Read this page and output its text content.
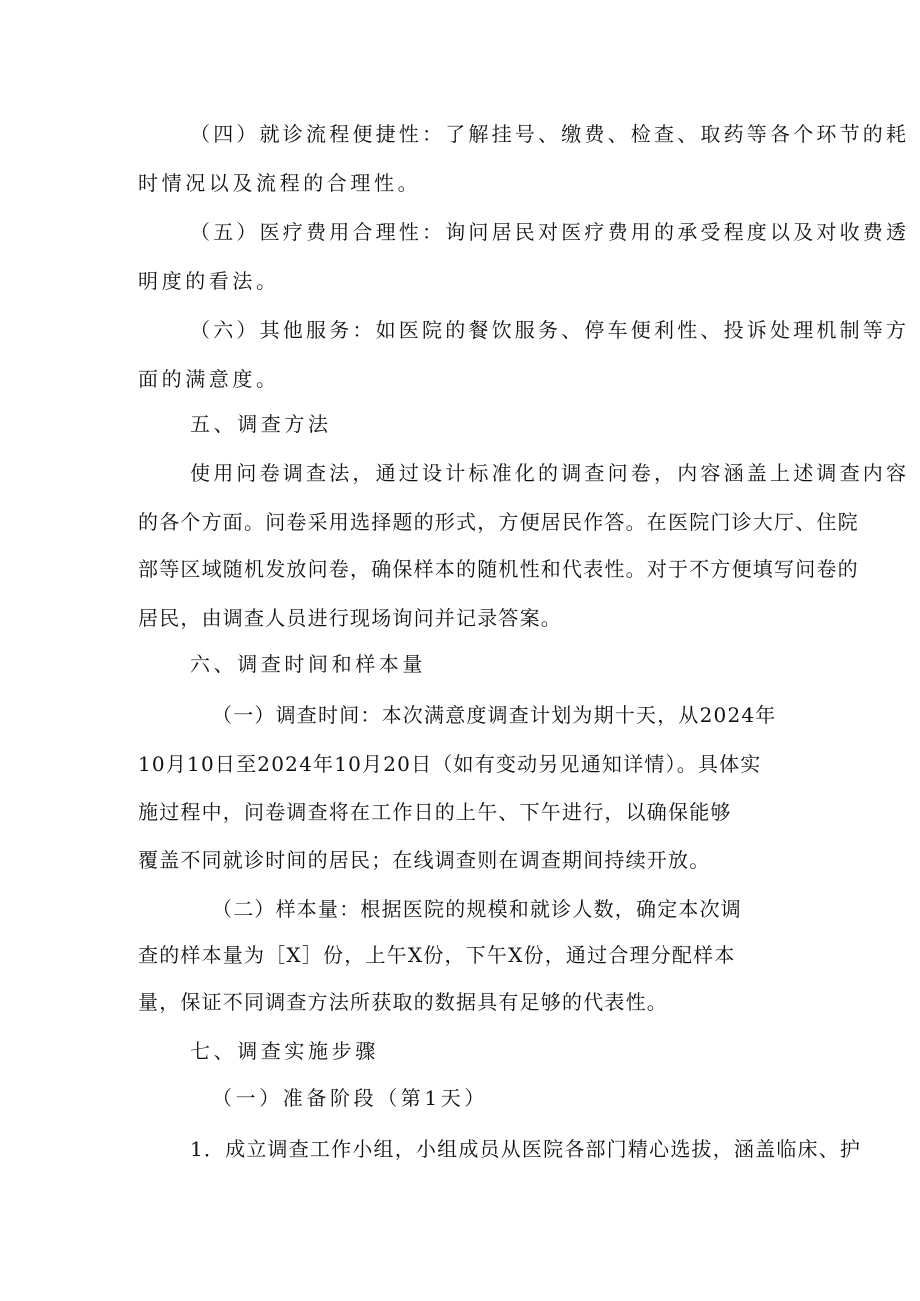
（四）就诊流程便捷性：了解挂号、缴费、检查、取药等各个环节的耗
时情况以及流程的合理性。
（五）医疗费用合理性：询问居民对医疗费用的承受程度以及对收费透
明度的看法。
（六）其他服务：如医院的餐饮服务、停车便利性、投诉处理机制等方
面的满意度。
五、调查方法
使用问卷调查法，通过设计标准化的调查问卷，内容涵盖上述调查内容
的各个方面。问卷采用选择题的形式，方便居民作答。在医院门诊大厅、住院
部等区域随机发放问卷，确保样本的随机性和代表性。对于不方便填写问卷的
居民，由调查人员进行现场询问并记录答案。
六、调查时间和样本量
（一）调查时间：本次满意度调查计划为期十天，从2024年
10月10日至2024年10月20日（如有变动另见通知详情）。具体实
施过程中，问卷调查将在工作日的上午、下午进行，以确保能够
覆盖不同就诊时间的居民；在线调查则在调查期间持续开放。
（二）样本量：根据医院的规模和就诊人数，确定本次调
查的样本量为［X］份，上午X份，下午X份，通过合理分配样本
量，保证不同调查方法所获取的数据具有足够的代表性。
七、调查实施步骤
（一）准备阶段（第1天）
1．成立调查工作小组，小组成员从医院各部门精心选拔，涵盖临床、护
